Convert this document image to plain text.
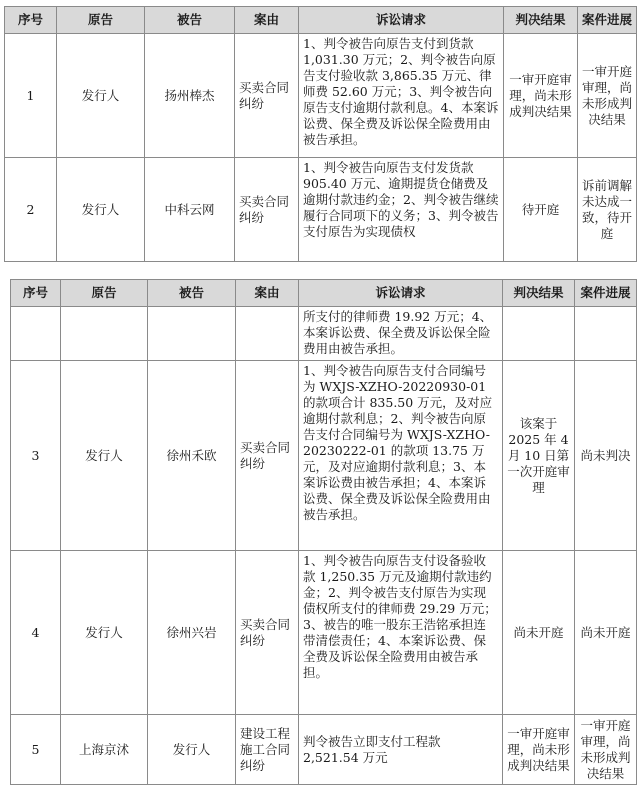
序号	原告	被告	案由	诉讼请求	判决结果	案件进展
1	发行人	扬州棒杰	买卖合同纠纷	1、判令被告向原告支付到货款 1,031.30 万元；2、判令被告向原告支付验收款 3,865.35 万元、律师费 52.60 万元；3、判令被告向原告支付逾期付款利息。4、本案诉讼费、保全费及诉讼保全险费用由被告承担。	一审开庭审理，尚未形成判决结果	一审开庭审理，尚未形成判决结果
2	发行人	中科云网	买卖合同纠纷	1、判令被告向原告支付发货款 905.40 万元、逾期提货仓储费及逾期付款违约金；2、判令被告继续履行合同项下的义务；3、判令被告支付原告为实现债权	待开庭	诉前调解未达成一致，待开庭
序号	原告	被告	案由	诉讼请求	判决结果	案件进展
				所支付的律师费 19.92 万元；4、本案诉讼费、保全费及诉讼保全险费用由被告承担。		
3	发行人	徐州禾欧	买卖合同纠纷	1、判令被告向原告支付合同编号为 WXJS-XZHO-20220930-01 的款项合计 835.50 万元，及对应逾期付款利息；2、判令被告向原告支付合同编号为 WXJS-XZHO-20230222-01 的款项 13.75 万元，及对应逾期付款利息；3、本案诉讼费由被告承担；4、本案诉讼费、保全费及诉讼保全险费用由被告承担。	该案于 2025 年 4 月 10 日第一次开庭审理	尚未判决
4	发行人	徐州兴岩	买卖合同纠纷	1、判令被告向原告支付设备验收款 1,250.35 万元及逾期付款违约金；2、判令被告支付原告为实现债权所支付的律师费 29.29 万元；3、被告的唯一股东王浩铭承担连带清偿责任；4、本案诉讼费、保全费及诉讼保全险费用由被告承担。	尚未开庭	尚未开庭
5	上海京沭	发行人	建设工程施工合同纠纷	判令被告立即支付工程款 2,521.54 万元	一审开庭审理，尚未形成判决结果	一审开庭审理，尚未形成判决结果
